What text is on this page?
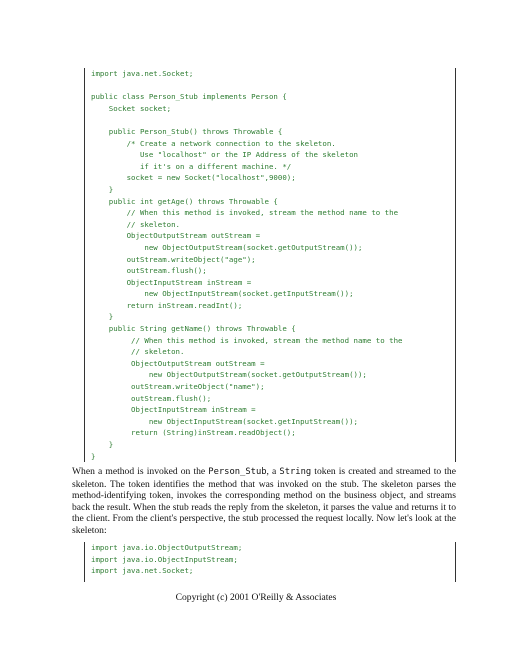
import java.net.Socket;
public class Person_Stub implements Person {
Socket socket;
public Person_Stub() throws Throwable {
/* Create a network connection to the skeleton.
Use "localhost" or the IP Address of the skeleton
if it's on a different machine. */
socket = new Socket("localhost",9000);
}
public int getAge() throws Throwable {
// When this method is invoked, stream the method name to the
// skeleton.
ObjectOutputStream outStream =
new ObjectOutputStream(socket.getOutputStream());
outStream.writeObject("age");
outStream.flush();
ObjectInputStream inStream =
new ObjectInputStream(socket.getInputStream());
return inStream.readInt();
}
public String getName() throws Throwable {
// When this method is invoked, stream the method name to the
// skeleton.
ObjectOutputStream outStream =
new ObjectOutputStream(socket.getOutputStream());
outStream.writeObject("name");
outStream.flush();
ObjectInputStream inStream =
new ObjectInputStream(socket.getInputStream());
return (String)inStream.readObject();
}
}
When a method is invoked on the Person_Stub, a String token is created and streamed to the skeleton. The token identifies the method that was invoked on the stub. The skeleton parses the method-identifying token, invokes the corresponding method on the business object, and streams back the result. When the stub reads the reply from the skeleton, it parses the value and returns it to the client. From the client's perspective, the stub processed the request locally. Now let's look at the skeleton:
import java.io.ObjectOutputStream;
import java.io.ObjectInputStream;
import java.net.Socket;
Copyright (c) 2001 O'Reilly & Associates
